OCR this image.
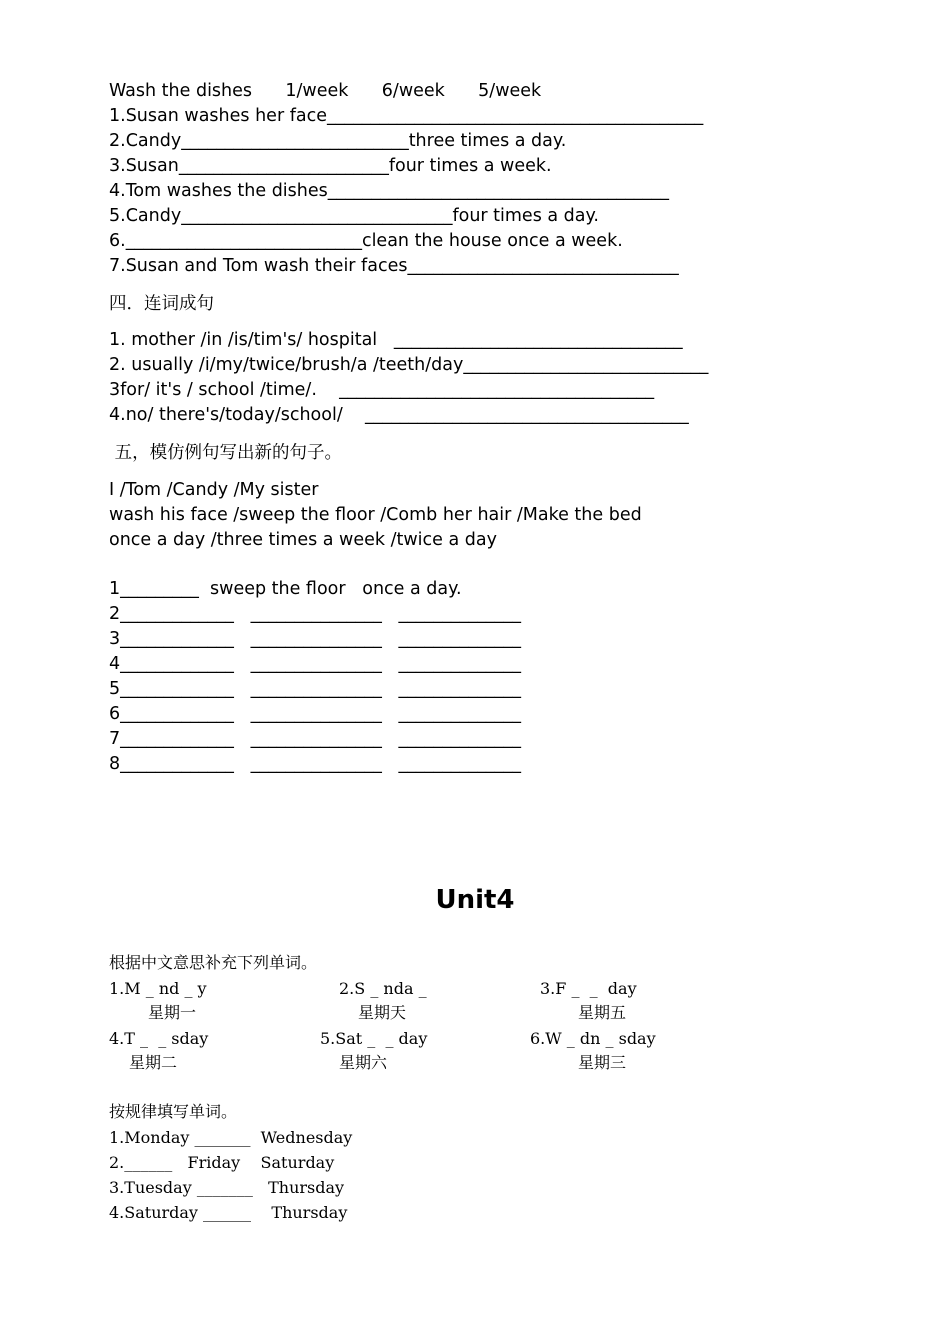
Wash the dishes      1/week      6/week      5/week
1.Susan washes her face___________________________________________
2.Candy__________________________three times a day.
3.Susan________________________four times a week.
4.Tom washes the dishes_______________________________________
5.Candy_______________________________four times a day.
6.___________________________clean the house once a week.
7.Susan and Tom wash their faces_______________________________
四．连词成句
1. mother /in /is/tim's/ hospital   _________________________________
2. usually /i/my/twice/brush/a /teeth/day____________________________
3for/ it's / school /time/.    ____________________________________
4.no/ there's/today/school/    _____________________________________
五，模仿例句写出新的句子。
I /Tom /Candy /My sister
wash his face /sweep the floor /Comb her hair /Make the bed
once a day /three times a week /twice a day
1_________  sweep the floor   once a day.
2_____________   _______________   ______________
3_____________   _______________   ______________
4_____________   _______________   ______________
5_____________   _______________   ______________
6_____________   _______________   ______________
7_____________   _______________   ______________
8_____________   _______________   ______________
Unit4
根据中文意思补充下列单词。
1.M _ nd _ y	2.S _ nda _	3.F _  _  day
星期一	星期天	星期五
4.T _  _ sday	5.Sat _  _ day	6.W _ dn _ sday
星期二	星期六	星期三
按规律填写单词。
1.Monday _______  Wednesday
2.______   Friday    Saturday
3.Tuesday _______   Thursday
4.Saturday ______    Thursday
